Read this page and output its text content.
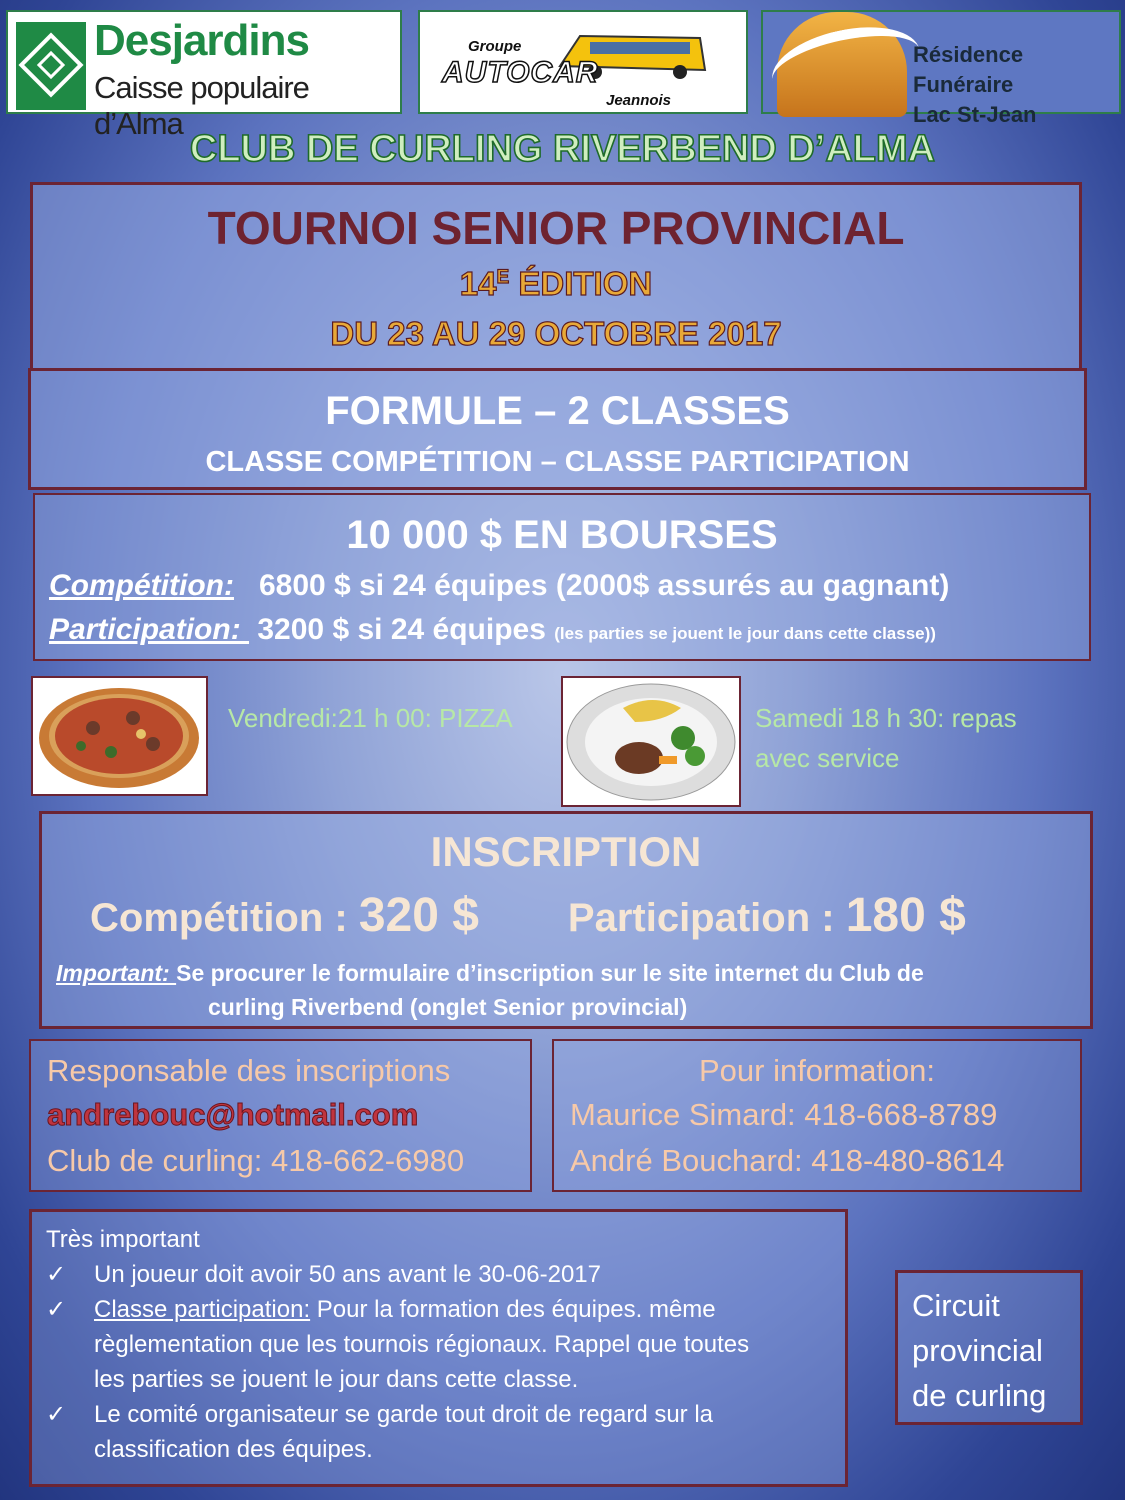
Desjardins
Caisse populaire d’Alma
Groupe
AUTOCAR
Jeannois
Résidence Funéraire
Lac St-Jean
CLUB DE CURLING RIVERBEND D’ALMA
TOURNOI SENIOR PROVINCIAL
$14^E$ ÉDITION
DU 23 AU 29 OCTOBRE 2017
FORMULE – 2 CLASSES
CLASSE COMPÉTITION – CLASSE PARTICIPATION
10 000 $ EN BOURSES
Compétition: 6800 $ si 24 équipes (2000$ assurés au gagnant)
Participation:  3200 $ si 24 équipes (les parties se jouent le jour dans cette classe))
Vendredi:21 h 00: PIZZA	Samedi 18 h 30: repas
avec service
INSCRIPTION
Compétition : 320 $ Participation : 180 $
Important: Se procurer le formulaire d’inscription sur le site internet du Club de
curling Riverbend (onglet Senior provincial)
Responsable des inscriptions
andrebouc@hotmail.com
Club de curling: 418-662-6980
Pour information:
Maurice Simard: 418-668-8789
André Bouchard: 418-480-8614
Très important
✓ Un joueur doit avoir 50 ans avant le 30-06-2017
✓ Classe participation: Pour la formation des équipes. même
règlementation que les tournois régionaux. Rappel que toutes
les parties se jouent le jour dans cette classe.
✓ Le comité organisateur se garde tout droit de regard sur la
classification des équipes.
Circuit
provincial
de curling
